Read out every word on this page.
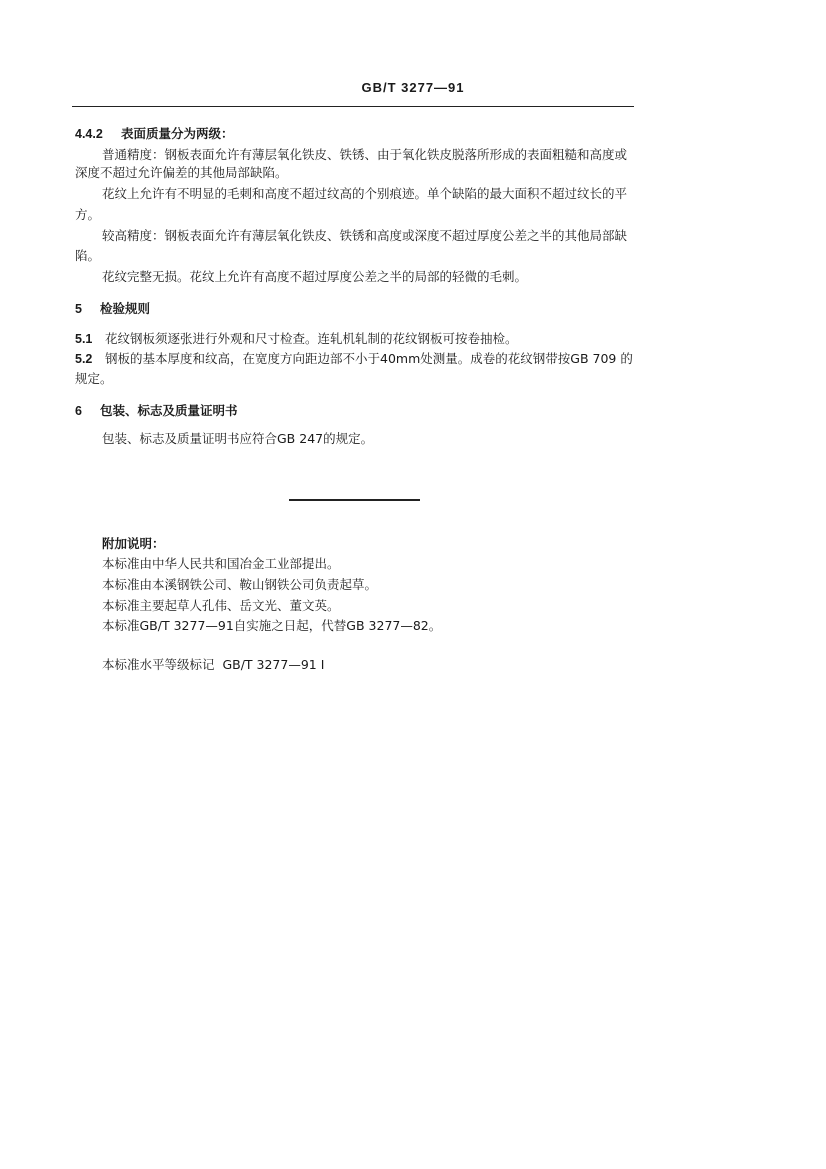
GB/T 3277—91
4.4.2 表面质量分为两级：
普通精度：钢板表面允许有薄层氧化铁皮、铁锈、由于氧化铁皮脱落所形成的表面粗糙和高度或
深度不超过允许偏差的其他局部缺陷。
花纹上允许有不明显的毛刺和高度不超过纹高的个别痕迹。单个缺陷的最大面积不超过纹长的平
方。
较高精度：钢板表面允许有薄层氧化铁皮、铁锈和高度或深度不超过厚度公差之半的其他局部缺
陷。
花纹完整无损。花纹上允许有高度不超过厚度公差之半的局部的轻微的毛刺。
5 检验规则
5.1 花纹钢板须逐张进行外观和尺寸检查。连轧机轧制的花纹钢板可按卷抽检。
5.2 钢板的基本厚度和纹高，在宽度方向距边部不小于40mm处测量。成卷的花纹钢带按GB 709 的
规定。
6 包装、标志及质量证明书
包装、标志及质量证明书应符合GB 247的规定。
附加说明：
本标准由中华人民共和国冶金工业部提出。
本标准由本溪钢铁公司、鞍山钢铁公司负责起草。
本标准主要起草人孔伟、岳文光、董文英。
本标准GB/T 3277—91自实施之日起，代替GB 3277—82。
本标准水平等级标记  GB/T 3277—91 I
